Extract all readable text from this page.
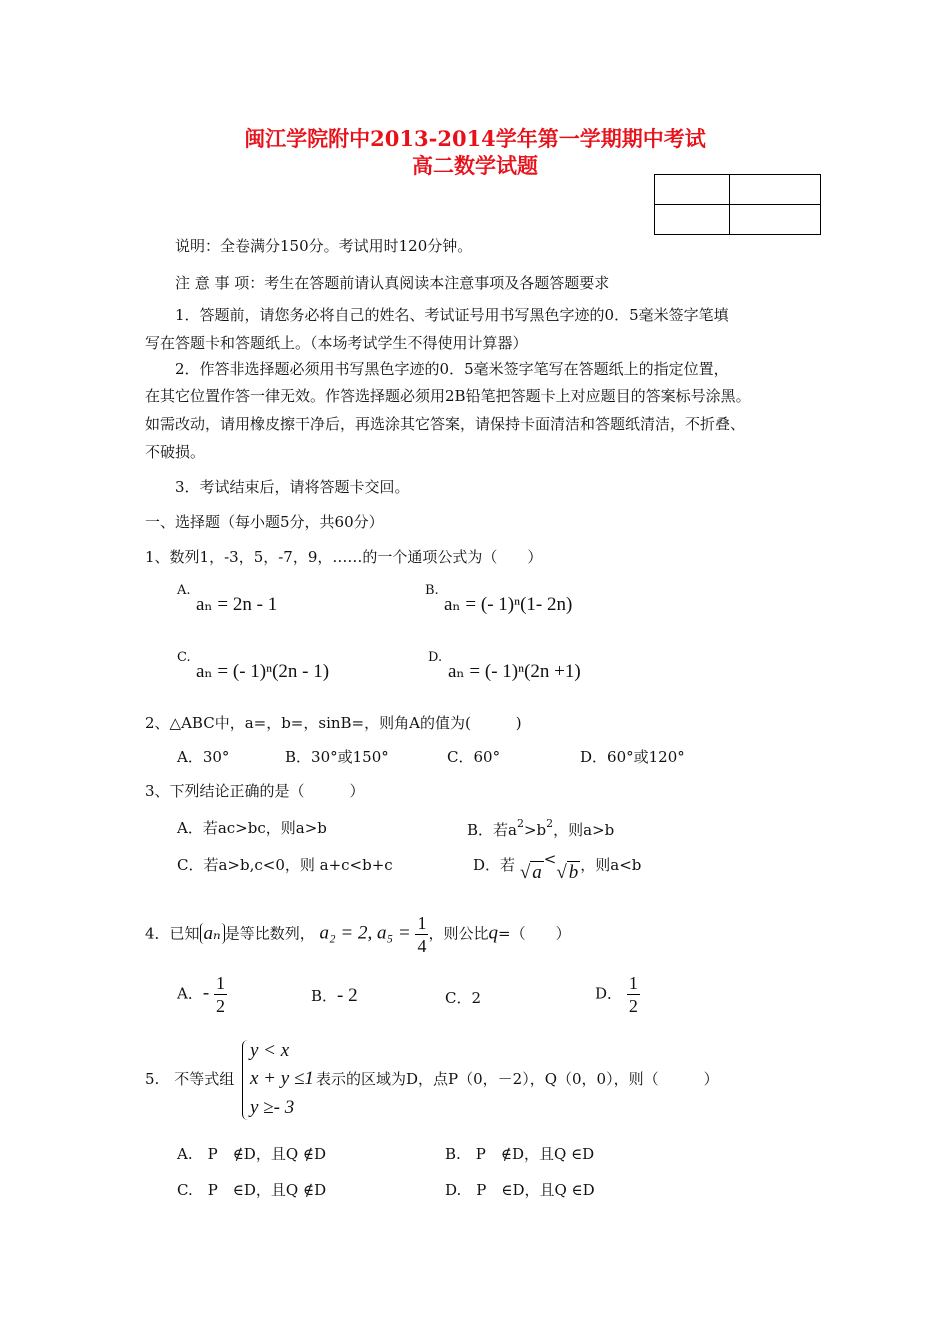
闽江学院附中2013-2014学年第一学期期中考试
高二数学试题

说明：全卷满分150分。考试用时120分钟。
注 意 事 项：考生在答题前请认真阅读本注意事项及各题答题要求
1．答题前，请您务必将自己的姓名、考试证号用书写黑色字迹的0．5毫米签字笔填
写在答题卡和答题纸上。（本场考试学生不得使用计算器）
2．作答非选择题必须用书写黑色字迹的0．5毫米签字笔写在答题纸上的指定位置，
在其它位置作答一律无效。作答选择题必须用2B铅笔把答题卡上对应题目的答案标号涂黑。
如需改动，请用橡皮擦干净后，再选涂其它答案，请保持卡面清洁和答题纸清洁，不折叠、
不破损。
3．考试结束后，请将答题卡交回。
一、选择题（每小题5分，共60分）
1、数列1，-3，5，-7，9，……的一个通项公式为（　　）
A.
aₙ = 2n - 1
B.
aₙ = (- 1)ⁿ(1- 2n)
C.
aₙ = (- 1)ⁿ(2n - 1)
D.
aₙ = (- 1)ⁿ(2n +1)
2、△ABC中，a=，b=，sinB=，则角A的值为(　　　)
A．30°	B．30°或150°	C．60°	D．60°或120°
3、下列结论正确的是（　　　）
A．若ac>bc，则a>b	B．若$a^2>b^2$，则a>b
C．若a>b,c<0，则 a+c<b+c	D．若 √ a<√ b ，则a<b
4．已知 aₙ 是等比数列， a₂ = 2, $a_5 = \frac{1}{4}$ ，则公比q=（　　）
A．- $\frac{1}{2}$	B．- 2	C．2	D． $\frac{1}{2}$
5.　不等式组
y < x
x + y ≤1
y ≥- 3
表示的区域为D，点P（0，－2），Q（0，0），则（　　　）
A.　P　∉D，且Q ∉D	B.　P　∉D，且Q ∈D
C.　P　∈D，且Q ∉D	D.　P　∈D，且Q ∈D
